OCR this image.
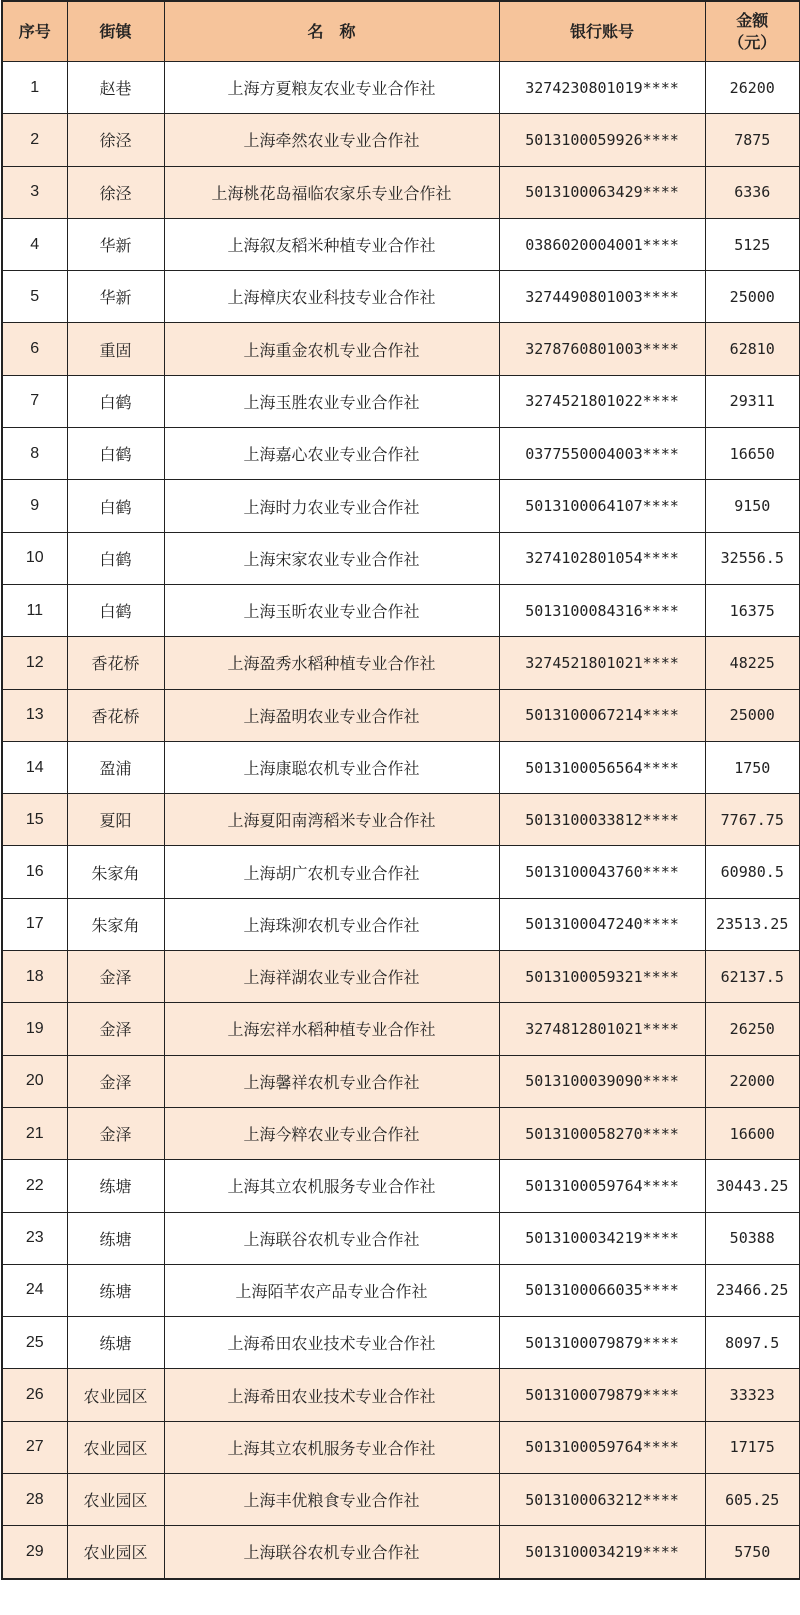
序号	街镇	名　称	银行账号	金额
（元）

1	赵巷	上海方夏粮友农业专业合作社	3274230801019****	26200
2	徐泾	上海牵然农业专业合作社	5013100059926****	7875
3	徐泾	上海桃花岛福临农家乐专业合作社	5013100063429****	6336
4	华新	上海叙友稻米种植专业合作社	0386020004001****	5125
5	华新	上海樟庆农业科技专业合作社	3274490801003****	25000
6	重固	上海重金农机专业合作社	3278760801003****	62810
7	白鹤	上海玉胜农业专业合作社	3274521801022****	29311
8	白鹤	上海嘉心农业专业合作社	0377550004003****	16650
9	白鹤	上海时力农业专业合作社	5013100064107****	9150
10	白鹤	上海宋家农业专业合作社	3274102801054****	32556.5
11	白鹤	上海玉昕农业专业合作社	5013100084316****	16375
12	香花桥	上海盈秀水稻种植专业合作社	3274521801021****	48225
13	香花桥	上海盈明农业专业合作社	5013100067214****	25000
14	盈浦	上海康聪农机专业合作社	5013100056564****	1750
15	夏阳	上海夏阳南湾稻米专业合作社	5013100033812****	7767.75
16	朱家角	上海胡广农机专业合作社	5013100043760****	60980.5
17	朱家角	上海珠泖农机专业合作社	5013100047240****	23513.25
18	金泽	上海祥湖农业专业合作社	5013100059321****	62137.5
19	金泽	上海宏祥水稻种植专业合作社	3274812801021****	26250
20	金泽	上海馨祥农机专业合作社	5013100039090****	22000
21	金泽	上海今粹农业专业合作社	5013100058270****	16600
22	练塘	上海其立农机服务专业合作社	5013100059764****	30443.25
23	练塘	上海联谷农机专业合作社	5013100034219****	50388
24	练塘	上海陌芊农产品专业合作社	5013100066035****	23466.25
25	练塘	上海希田农业技术专业合作社	5013100079879****	8097.5
26	农业园区	上海希田农业技术专业合作社	5013100079879****	33323
27	农业园区	上海其立农机服务专业合作社	5013100059764****	17175
28	农业园区	上海丰优粮食专业合作社	5013100063212****	605.25
29	农业园区	上海联谷农机专业合作社	5013100034219****	5750
